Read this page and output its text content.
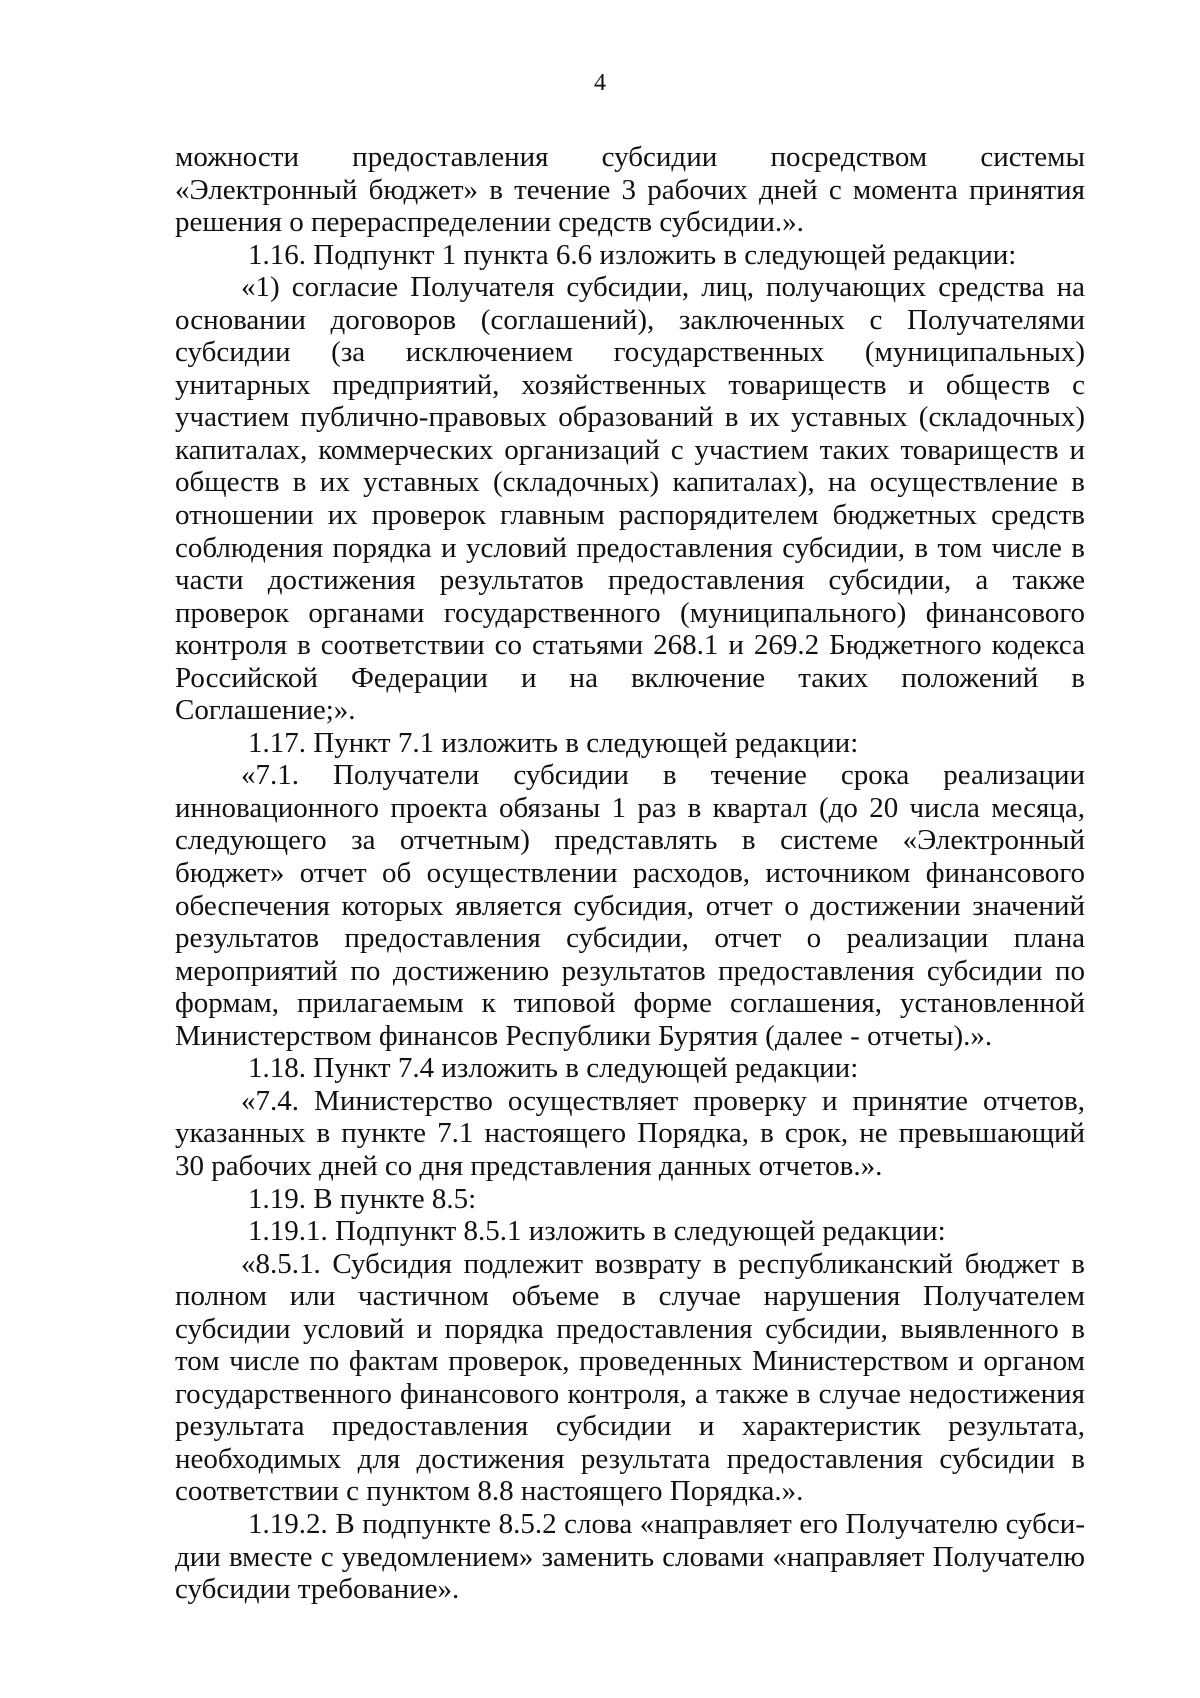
4

можности предоставления субсидии посредством системы «Электронный бюджет» в течение 3 рабочих дней с момента принятия решения о перераспределении средств субсидии.».

1.16. Подпункт 1 пункта 6.6 изложить в следующей редакции:

«1) согласие Получателя субсидии, лиц, получающих средства на основании договоров (соглашений), заключенных с Получателями субсидии (за исключением государственных (муниципальных) унитарных предприятий, хозяйственных товариществ и обществ с участием публично-правовых образований в их уставных (складочных) капиталах, коммерческих организаций с участием таких товариществ и обществ в их уставных (складочных) капиталах), на осуществление в отношении их проверок главным распорядителем бюджетных средств соблюдения порядка и условий предоставления субсидии, в том числе в части достижения результатов предоставления субсидии, а также проверок органами государственного (муниципального) финансового контроля в соответствии со статьями 268.1 и 269.2 Бюджетного кодекса Российской Федерации и на включение таких положений в Соглашение;».

1.17. Пункт 7.1 изложить в следующей редакции:

«7.1. Получатели субсидии в течение срока реализации инновационного проекта обязаны 1 раз в квартал (до 20 числа месяца, следующего за отчетным) представлять в системе «Электронный бюджет» отчет об осуществлении расходов, источником финансового обеспечения которых является субсидия, отчет о достижении значений результатов предоставления субсидии, отчет о реализации плана мероприятий по достижению результатов предоставления субсидии по формам, прилагаемым к типовой форме соглашения, установленной Министерством финансов Республики Бурятия (далее - отчеты).».

1.18. Пункт 7.4 изложить в следующей редакции:

«7.4. Министерство осуществляет проверку и принятие отчетов, указанных в пункте 7.1 настоящего Порядка, в срок, не превышающий 30 рабочих дней со дня представления данных отчетов.».

1.19. В пункте 8.5:

1.19.1. Подпункт 8.5.1 изложить в следующей редакции:

«8.5.1. Субсидия подлежит возврату в республиканский бюджет в полном или частичном объеме в случае нарушения Получателем субсидии условий и порядка предоставления субсидии, выявленного в том числе по фактам проверок, проведенных Министерством и органом государственного финансового контроля, а также в случае недостижения результата предоставления субсидии и характеристик результата, необходимых для достижения результата предоставления субсидии в соответствии с пунктом 8.8 настоящего Порядка.».

1.19.2. В подпункте 8.5.2 слова «направляет его Получателю субсидии вместе с уведомлением» заменить словами «направляет Получателю субсидии требование».
